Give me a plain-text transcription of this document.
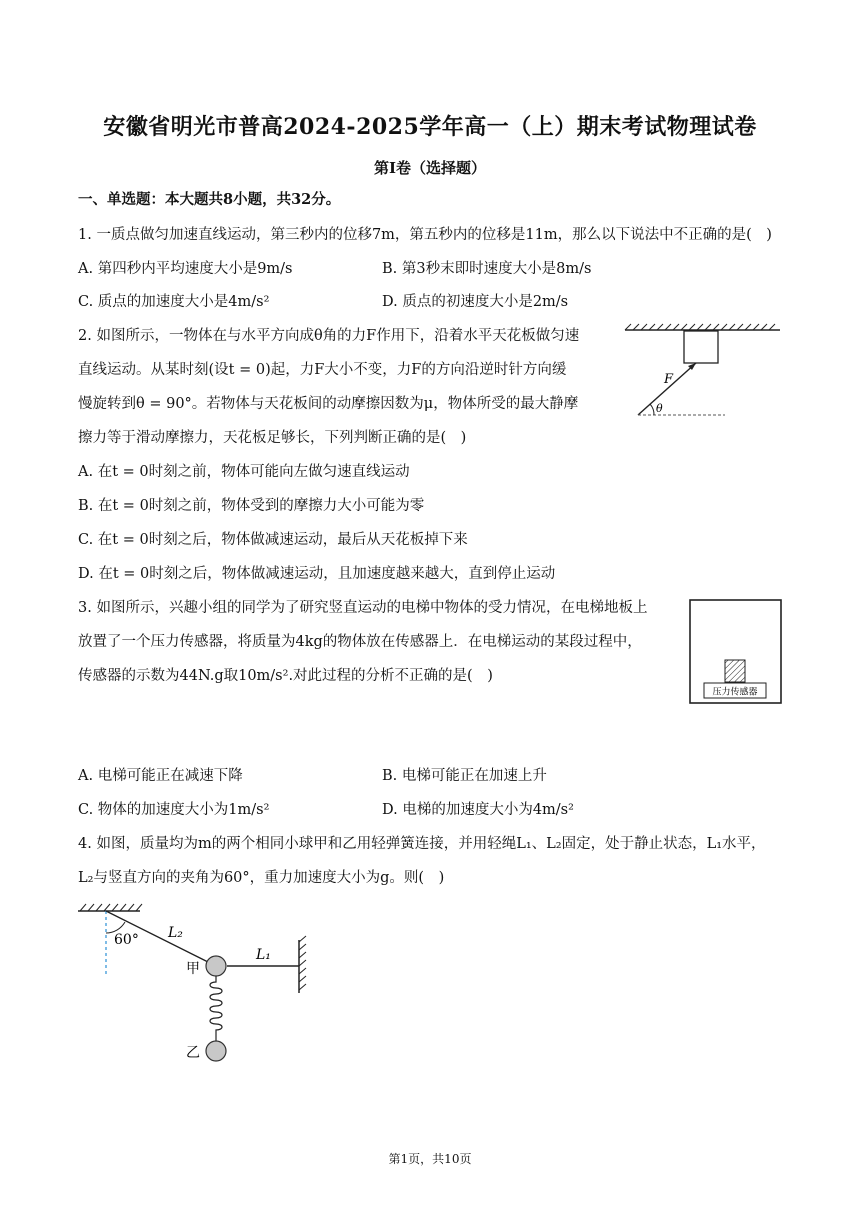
安徽省明光市普高2024-2025学年高一（上）期末考试物理试卷
第Ⅰ卷（选择题）
一、单选题：本大题共8小题，共32分。
1. 一质点做匀加速直线运动，第三秒内的位移7m，第五秒内的位移是11m，那么以下说法中不正确的是(　)
A. 第四秒内平均速度大小是9m/s	B. 第3秒末即时速度大小是8m/s
C. 质点的加速度大小是4m/s²	D. 质点的初速度大小是2m/s
2. 如图所示，一物体在与水平方向成θ角的力F作用下，沿着水平天花板做匀速
直线运动。从某时刻(设t = 0)起，力F大小不变，力F的方向沿逆时针方向缓
慢旋转到θ = 90°。若物体与天花板间的动摩擦因数为μ，物体所受的最大静摩
擦力等于滑动摩擦力，天花板足够长，下列判断正确的是(　)
F
θ
A. 在t = 0时刻之前，物体可能向左做匀速直线运动
B. 在t = 0时刻之前，物体受到的摩擦力大小可能为零
C. 在t = 0时刻之后，物体做减速运动，最后从天花板掉下来
D. 在t = 0时刻之后，物体做减速运动，且加速度越来越大，直到停止运动
3. 如图所示，兴趣小组的同学为了研究竖直运动的电梯中物体的受力情况，在电梯地板上
放置了一个压力传感器，将质量为4kg的物体放在传感器上．在电梯运动的某段过程中，
传感器的示数为44N.g取10m/s².对此过程的分析不正确的是(　)
压力传感器
A. 电梯可能正在减速下降	B. 电梯可能正在加速上升
C. 物体的加速度大小为1m/s²	D. 电梯的加速度大小为4m/s²
4. 如图，质量均为m的两个相同小球甲和乙用轻弹簧连接，并用轻绳L₁、L₂固定，处于静止状态，L₁水平，
L₂与竖直方向的夹角为60°，重力加速度大小为g。则(　)
60° L₂
L₁
甲
乙
第1页，共10页
